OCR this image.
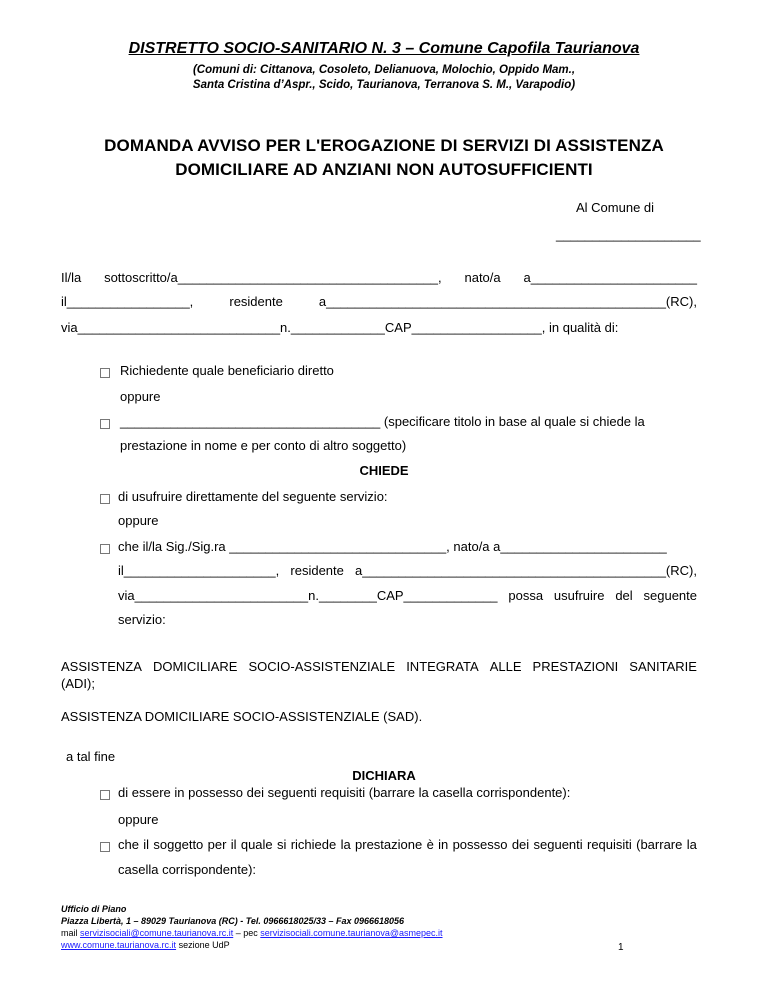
DISTRETTO SOCIO-SANITARIO N. 3 – Comune Capofila Taurianova
(Comuni di: Cittanova, Cosoleto, Delianuova, Molochio, Oppido Mam.,
Santa Cristina d’Aspr., Scido, Taurianova, Terranova S. M., Varapodio)
DOMANDA AVVISO PER L'EROGAZIONE DI SERVIZI DI ASSISTENZA
DOMICILIARE AD ANZIANI NON AUTOSUFFICIENTI
Al Comune di
____________________
Il/la sottoscritto/a____________________________________, nato/a a_______________________
il_________________,	residente	a_______________________________________________(RC),
via____________________________n._____________CAP__________________, in qualità di:
Richiedente quale beneficiario diretto
oppure
____________________________________ (specificare titolo in base al quale si chiede la
prestazione in nome e per conto di altro soggetto)
CHIEDE
di usufruire direttamente del seguente servizio:
oppure
che il/la Sig./Sig.ra ______________________________, nato/a a_______________________
il_____________________, residente a__________________________________________(RC),
via________________________n.________CAP_____________ possa usufruire del seguente
servizio:
ASSISTENZA DOMICILIARE SOCIO-ASSISTENZIALE INTEGRATA ALLE PRESTAZIONI SANITARIE
(ADI);
ASSISTENZA DOMICILIARE SOCIO-ASSISTENZIALE (SAD).
a tal fine
DICHIARA
di essere in possesso dei seguenti requisiti (barrare la casella corrispondente):
oppure
che il soggetto per il quale si richiede la prestazione è in possesso dei seguenti requisiti (barrare la
casella corrispondente):
Ufficio di Piano
Piazza Libertà, 1 – 89029 Taurianova (RC) - Tel. 0966618025/33 – Fax 0966618056
mail servizisociali@comune.taurianova.rc.it – pec servizisociali.comune.taurianova@asmepec.it
www.comune.taurianova.rc.it sezione UdP	1
